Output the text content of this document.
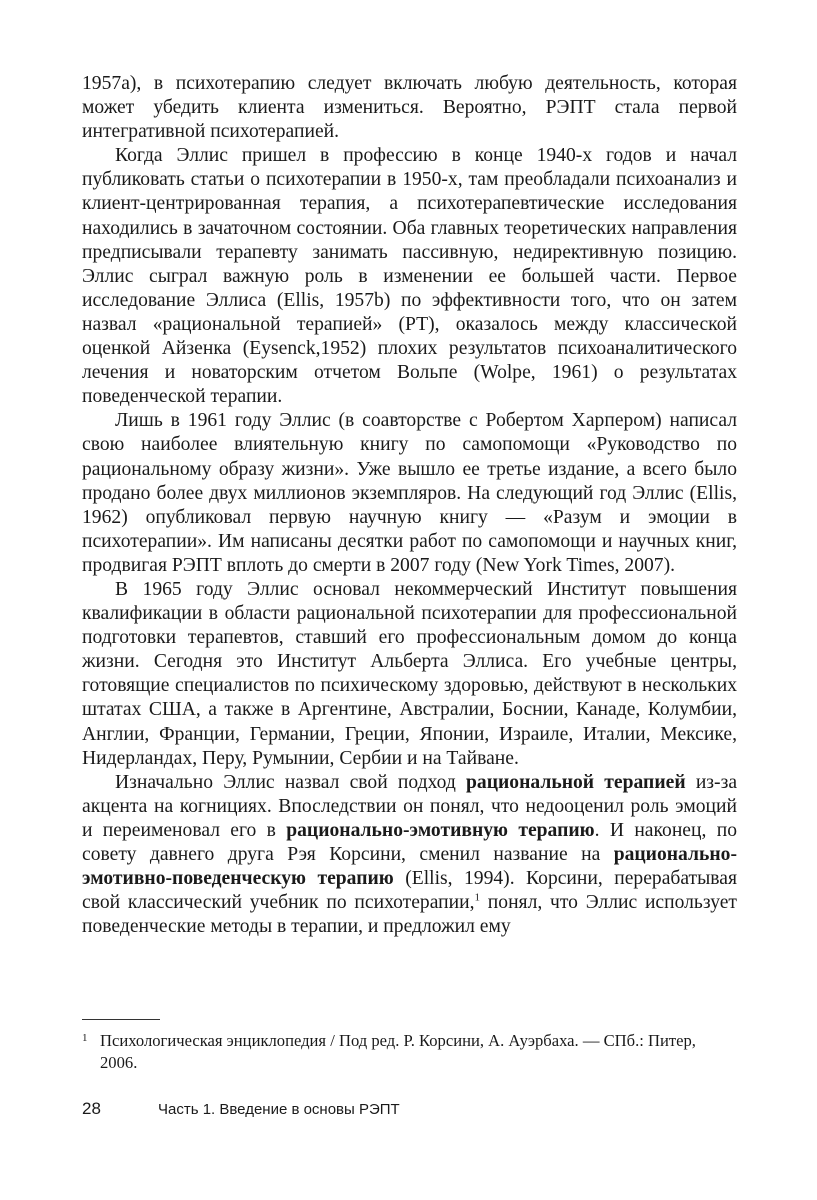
1957a), в психотерапию следует включать любую деятельность, которая может убедить клиента измениться. Вероятно, РЭПТ стала первой интегративной психотерапией.

Когда Эллис пришел в профессию в конце 1940-х годов и начал публиковать статьи о психотерапии в 1950-х, там преобладали психоанализ и клиент-центрированная терапия, а психотерапевтические исследования находились в зачаточном состоянии. Оба главных теоретических направления предписывали терапевту занимать пассивную, недирективную позицию. Эллис сыграл важную роль в изменении ее большей части. Первое исследование Эллиса (Ellis, 1957b) по эффективности того, что он затем назвал «рациональной терапией» (РТ), оказалось между классической оценкой Айзенка (Eysenck,1952) плохих результатов психоаналитического лечения и новаторским отчетом Вольпе (Wolpe, 1961) о результатах поведенческой терапии.

Лишь в 1961 году Эллис (в соавторстве с Робертом Харпером) написал свою наиболее влиятельную книгу по самопомощи «Руководство по рациональному образу жизни». Уже вышло ее третье издание, а всего было продано более двух миллионов экземпляров. На следующий год Эллис (Ellis, 1962) опубликовал первую научную книгу — «Разум и эмоции в психотерапии». Им написаны десятки работ по самопомощи и научных книг, продвигая РЭПТ вплоть до смерти в 2007 году (New York Times, 2007).

В 1965 году Эллис основал некоммерческий Институт повышения квалификации в области рациональной психотерапии для профессиональной подготовки терапевтов, ставший его профессиональным домом до конца жизни. Сегодня это Институт Альберта Эллиса. Его учебные центры, готовящие специалистов по психическому здоровью, действуют в нескольких штатах США, а также в Аргентине, Австралии, Боснии, Канаде, Колумбии, Англии, Франции, Германии, Греции, Японии, Израиле, Италии, Мексике, Нидерландах, Перу, Румынии, Сербии и на Тайване.

Изначально Эллис назвал свой подход рациональной терапией из-за акцента на когнициях. Впоследствии он понял, что недооценил роль эмоций и переименовал его в рационально-эмотивную терапию. И наконец, по совету давнего друга Рэя Корсини, сменил название на рационально-эмотивно-поведенческую терапию (Ellis, 1994). Корсини, перерабатывая свой классический учебник по психотерапии,$^1$ понял, что Эллис использует поведенческие методы в терапии, и предложил ему

1 Психологическая энциклопедия / Под ред. Р. Корсини, А. Ауэрбаха. — СПб.: Питер, 2006.
28	Часть 1. Введение в основы РЭПТ
